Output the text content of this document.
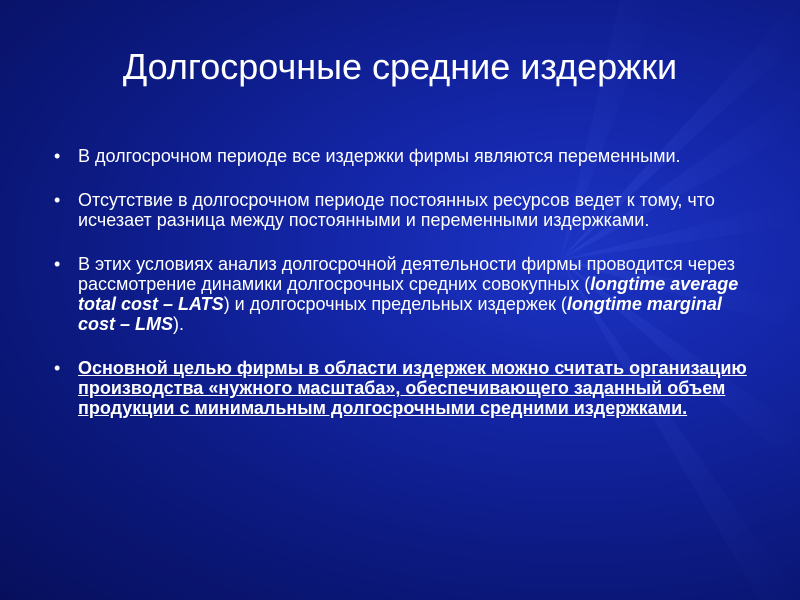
Долгосрочные средние издержки
• В долгосрочном периоде все издержки фирмы являются переменными.
• Отсутствие в долгосрочном периоде постоянных ресурсов ведет к тому, что исчезает разница между постоянными и переменными издержками.
• В этих условиях анализ долгосрочной деятельности фирмы проводится через рассмотрение динамики долгосрочных средних совокупных (longtime average total cost – LATS) и долгосрочных предельных издержек (longtime marginal cost – LMS).
• Основной целью фирмы в области издержек можно считать организацию производства «нужного масштаба», обеспечивающего заданный объем продукции с минимальным долгосрочными средними издержками.
